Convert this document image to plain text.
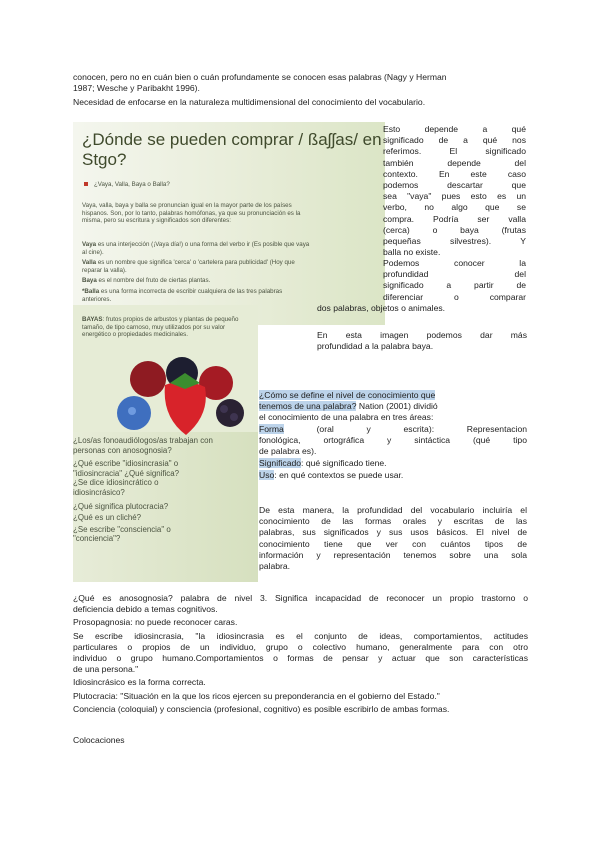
conocen, pero no en cuán bien o cuán profundamente se conocen esas palabras (Nagy y Herman
1987; Wesche y Paribakht 1996).
Necesidad de enfocarse en la naturaleza multidimensional del conocimiento del vocabulario.
¿Dónde se pueden comprar / ßaʃʃas/ en
Stgo?
¿Vaya, Valla, Baya o Balla?
Vaya, valla, baya y balla se pronuncian igual en la mayor parte de los países
hispanos. Son, por lo tanto, palabras homófonas, ya que su pronunciación es la
misma, pero su escritura y significados son diferentes:
Vaya es una interjección (¡Vaya día!) o una forma del verbo ir (Es posible que vaya
al cine).
Valla es un nombre que significa 'cerca' o 'cartelera para publicidad' (Hoy que
reparar la valla).
Baya es el nombre del fruto de ciertas plantas.
*Balla es una forma incorrecta de escribir cualquiera de las tres palabras
anteriores.
BAYAS: frutos propios de arbustos y plantas de pequeño
tamaño, de tipo carnoso, muy utilizados por su valor
energético o propiedades medicinales.
¿Los/as fonoaudiólogos/as trabajan con
personas con anosognosia?
¿Qué escribe "idiosincrasia" o
"idiosincracia" ¿Qué significa?
¿Se dice idiosincrático o
idiosincrásico?
¿Qué significa plutocracia?
¿Qué es un cliché?
¿Se escribe "consciencia" o
"conciencia"?
Esto depende a qué
significado de a qué nos
referimos. El significado
también depende del
contexto. En este caso
podemos descartar que
sea "vaya" pues esto es un
verbo, no algo que se
compra. Podría ser valla
(cerca) o baya (frutas
pequeñas silvestres). Y
balla no existe.
Podemos conocer la
profundidad del
significado a partir de
diferenciar o comparar
dos palabras, objetos o animales.
En esta imagen podemos dar más
profundidad a la palabra baya.
¿Cómo se define el nivel de conocimiento que
tenemos de una palabra? Nation (2001) dividió
el conocimiento de una palabra en tres áreas:
Forma (oral y escrita): Representacion
fonológica, ortográfica y sintáctica (qué tipo
de palabra es).
Significado: qué significado tiene.
Uso: en qué contextos se puede usar.
De esta manera, la profundidad del vocabulario incluiría el
conocimiento de las formas orales y escritas de las
palabras, sus significados y sus usos básicos. El nivel de
conocimiento tiene que ver con cuántos tipos de
información y representación tenemos sobre una sola
palabra.
¿Qué es anosognosia? palabra de nivel 3. Significa incapacidad de reconocer un propio trastorno o
deficiencia debido a temas cognitivos.
Prosopagnosia: no puede reconocer caras.
Se escribe idiosincrasia, "la idiosincrasia es el conjunto de ideas, comportamientos, actitudes
particulares o propios de un individuo, grupo o colectivo humano, generalmente para con otro
individuo o grupo humano.Comportamientos o formas de pensar y actuar que son características
de una persona."
Idiosincrásico es la forma correcta.
Plutocracia: "Situación en la que los ricos ejercen su preponderancia en el gobierno del Estado."
Conciencia (coloquial) y consciencia (profesional, cognitivo) es posible escribirlo de ambas formas.
Colocaciones
